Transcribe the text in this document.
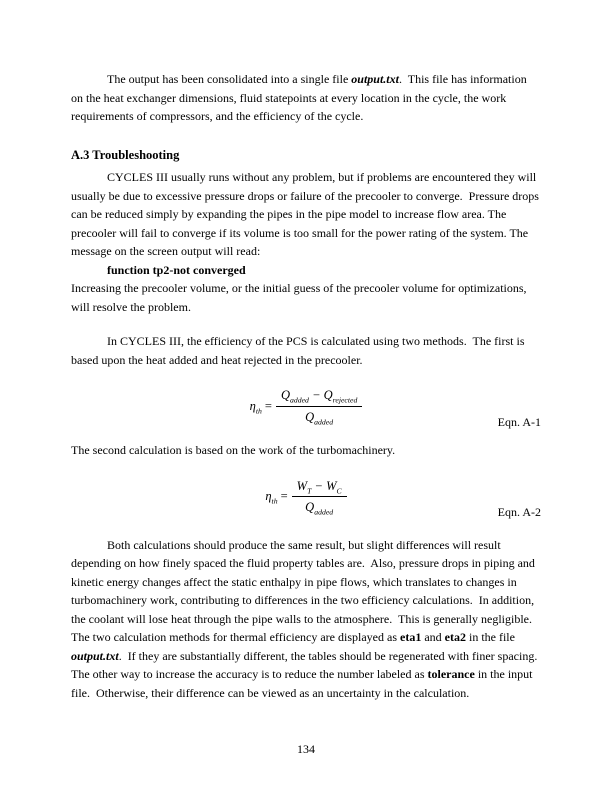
The output has been consolidated into a single file output.txt.  This file has information on the heat exchanger dimensions, fluid statepoints at every location in the cycle, the work requirements of compressors, and the efficiency of the cycle.

A.3 Troubleshooting

CYCLES III usually runs without any problem, but if problems are encountered they will usually be due to excessive pressure drops or failure of the precooler to converge.  Pressure drops can be reduced simply by expanding the pipes in the pipe model to increase flow area. The precooler will fail to converge if its volume is too small for the power rating of the system. The message on the screen output will read:

function tp2-not converged

Increasing the precooler volume, or the initial guess of the precooler volume for optimizations, will resolve the problem.

In CYCLES III, the efficiency of the PCS is calculated using two methods.  The first is based upon the heat added and heat rejected in the precooler.

$\eta_{th} = \frac{Q_{added} - Q_{rejected}}{Q_{added}}$	Eqn. A-1

The second calculation is based on the work of the turbomachinery.

$\eta_{th} = \frac{W_T - W_C}{Q_{added}}$	Eqn. A-2

Both calculations should produce the same result, but slight differences will result depending on how finely spaced the fluid property tables are.  Also, pressure drops in piping and kinetic energy changes affect the static enthalpy in pipe flows, which translates to changes in turbomachinery work, contributing to differences in the two efficiency calculations.  In addition, the coolant will lose heat through the pipe walls to the atmosphere.  This is generally negligible. The two calculation methods for thermal efficiency are displayed as eta1 and eta2 in the file output.txt.  If they are substantially different, the tables should be regenerated with finer spacing. The other way to increase the accuracy is to reduce the number labeled as tolerance in the input file.  Otherwise, their difference can be viewed as an uncertainty in the calculation.

134
